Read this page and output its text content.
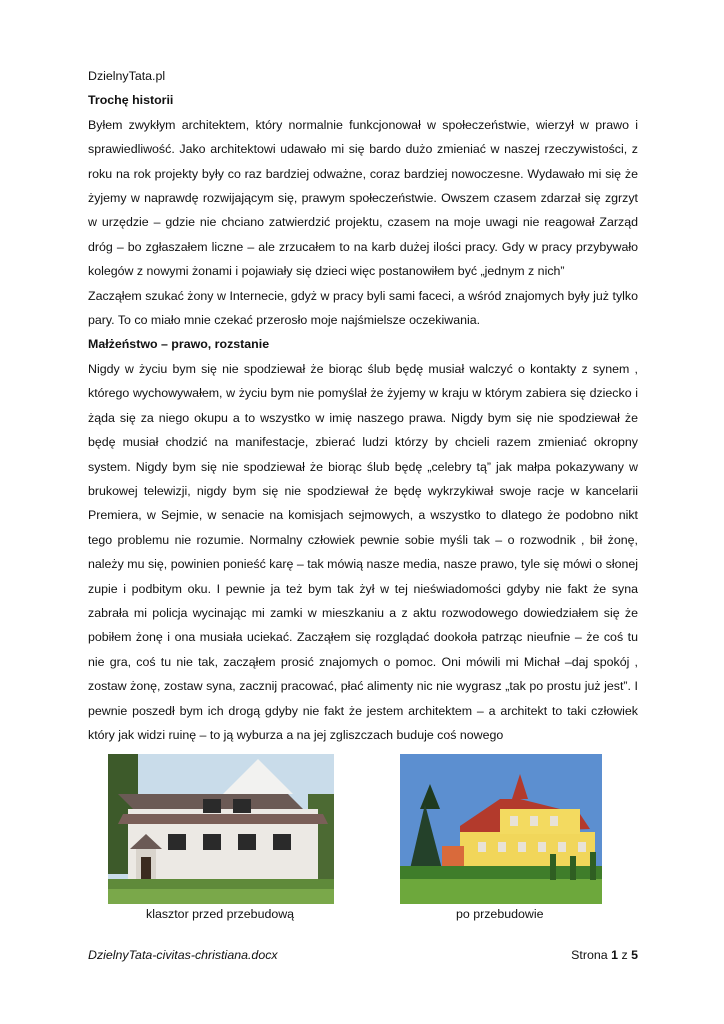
DzielnyTata.pl

Trochę historii

Byłem zwykłym architektem, który normalnie funkcjonował w społeczeństwie, wierzył w prawo i sprawiedliwość. Jako architektowi udawało mi się bardo dużo zmieniać w naszej rzeczywistości, z roku na rok projekty były co raz bardziej odważne, coraz bardziej nowoczesne. Wydawało mi się że żyjemy w naprawdę rozwijającym się, prawym społeczeństwie. Owszem czasem zdarzał się zgrzyt w urzędzie – gdzie nie chciano zatwierdzić projektu, czasem na moje uwagi nie reagował Zarząd dróg – bo zgłaszałem liczne – ale zrzucałem to na karb dużej ilości pracy. Gdy w pracy przybywało kolegów z nowymi żonami i pojawiały się dzieci więc postanowiłem być „jednym z nich”

Zacząłem szukać żony w Internecie, gdyż w pracy byli sami faceci, a wśród znajomych były już tylko pary. To co miało mnie czekać przerosło moje najśmielsze oczekiwania.

Małżeństwo – prawo, rozstanie

Nigdy w życiu bym się nie spodziewał że biorąc ślub będę musiał walczyć o kontakty z synem , którego wychowywałem, w życiu bym nie pomyślał że żyjemy w kraju w którym zabiera się dziecko i żąda się za niego okupu a to wszystko w imię naszego prawa. Nigdy bym się nie spodziewał że będę musiał chodzić na manifestacje, zbierać ludzi którzy by chcieli razem zmieniać okropny system. Nigdy bym się nie spodziewał że biorąc ślub będę „celebry tą” jak małpa pokazywany w brukowej telewizji, nigdy bym się nie spodziewał że będę wykrzykiwał swoje racje w kancelarii Premiera, w Sejmie, w senacie na komisjach sejmowych, a wszystko to dlatego że podobno nikt tego problemu nie rozumie. Normalny człowiek pewnie sobie myśli tak – o rozwodnik , bił żonę, należy mu się, powinien ponieść karę – tak mówią nasze media, nasze prawo, tyle się mówi o słonej zupie i podbitym oku. I pewnie ja też bym tak żył w tej nieświadomości gdyby nie fakt że syna zabrała mi policja wycinając mi zamki w mieszkaniu a z aktu rozwodowego dowiedziałem się że pobiłem żonę i ona musiała uciekać. Zacząłem się rozglądać dookoła patrząc nieufnie – że coś tu nie gra, coś tu nie tak, zacząłem prosić znajomych o pomoc. Oni mówili mi Michał –daj spokój , zostaw żonę, zostaw syna, zacznij pracować, płać alimenty nic nie wygrasz „tak po prostu już jest”. I pewnie poszedł bym ich drogą gdyby nie fakt że jestem architektem – a architekt to taki człowiek który jak widzi ruinę – to ją wyburza a na jej zgliszczach buduje coś nowego

klasztor przed przebudową	po przebudowie
DzielnyTata-civitas-christiana.docx	Strona 1 z 5
